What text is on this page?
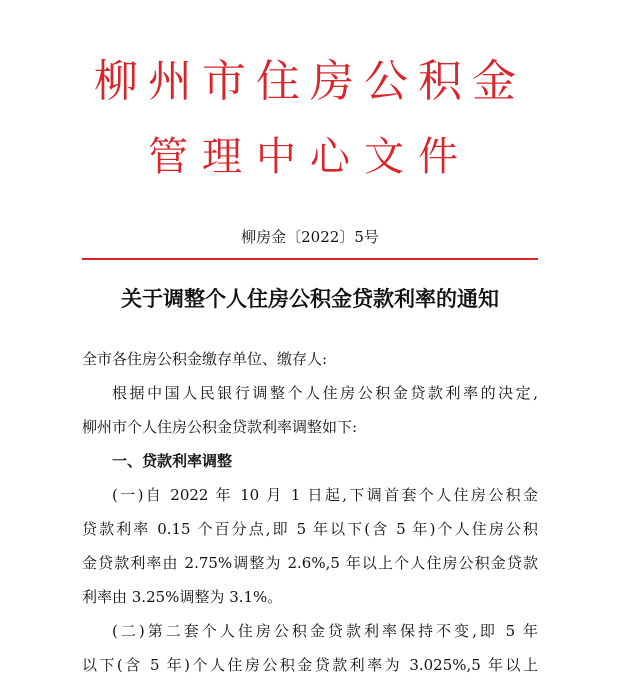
柳州市住房公积金
管理中心文件
柳房金〔2022〕5号
关于调整个人住房公积金贷款利率的通知
全市各住房公积金缴存单位、缴存人:
根据中国人民银行调整个人住房公积金贷款利率的决定,
柳州市个人住房公积金贷款利率调整如下:
一、贷款利率调整
(一)自 2022 年 10 月 1 日起,下调首套个人住房公积金
贷款利率 0.15 个百分点,即 5 年以下(含 5 年)个人住房公积
金贷款利率由 2.75%调整为 2.6%,5 年以上个人住房公积金贷款
利率由 3.25%调整为 3.1%。
(二)第二套个人住房公积金贷款利率保持不变,即 5 年
以下(含 5 年)个人住房公积金贷款利率为 3.025%,5 年以上
